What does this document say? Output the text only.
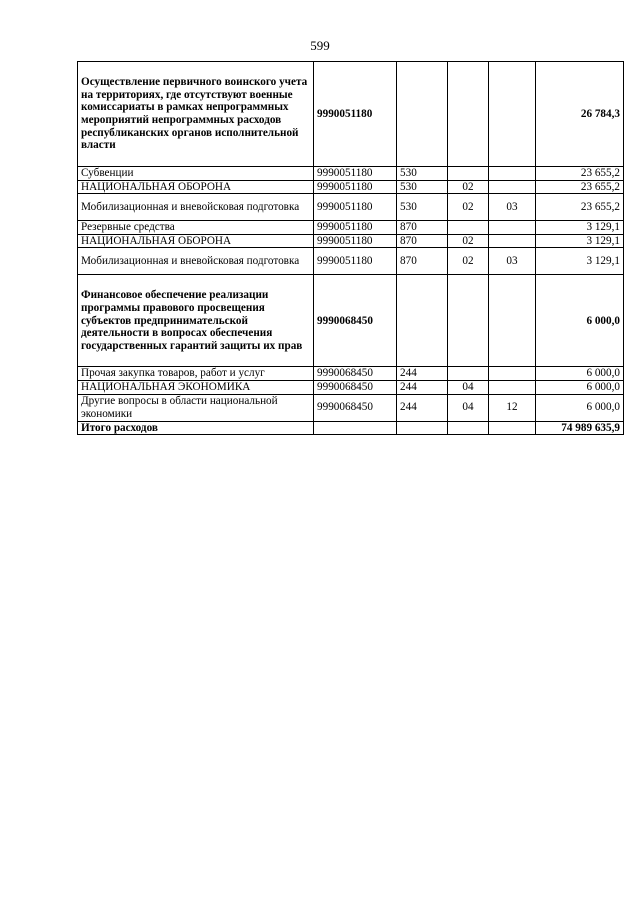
599
Осуществление первичного воинского учета на территориях, где отсутствуют военные комиссариаты в рамках непрограммных мероприятий непрограммных расходов республиканских органов исполнительной власти	9990051180				26 784,3
Субвенции	9990051180	530			23 655,2
НАЦИОНАЛЬНАЯ ОБОРОНА	9990051180	530	02		23 655,2
Мобилизационная и вневойсковая подготовка	9990051180	530	02	03	23 655,2
Резервные средства	9990051180	870			3 129,1
НАЦИОНАЛЬНАЯ ОБОРОНА	9990051180	870	02		3 129,1
Мобилизационная и вневойсковая подготовка	9990051180	870	02	03	3 129,1
Финансовое обеспечение реализации программы правового просвещения субъектов предпринимательской деятельности в вопросах обеспечения государственных гарантий защиты их прав	9990068450				6 000,0
Прочая закупка товаров, работ и услуг	9990068450	244			6 000,0
НАЦИОНАЛЬНАЯ ЭКОНОМИКА	9990068450	244	04		6 000,0
Другие вопросы в области национальной экономики	9990068450	244	04	12	6 000,0
Итого расходов					74 989 635,9
